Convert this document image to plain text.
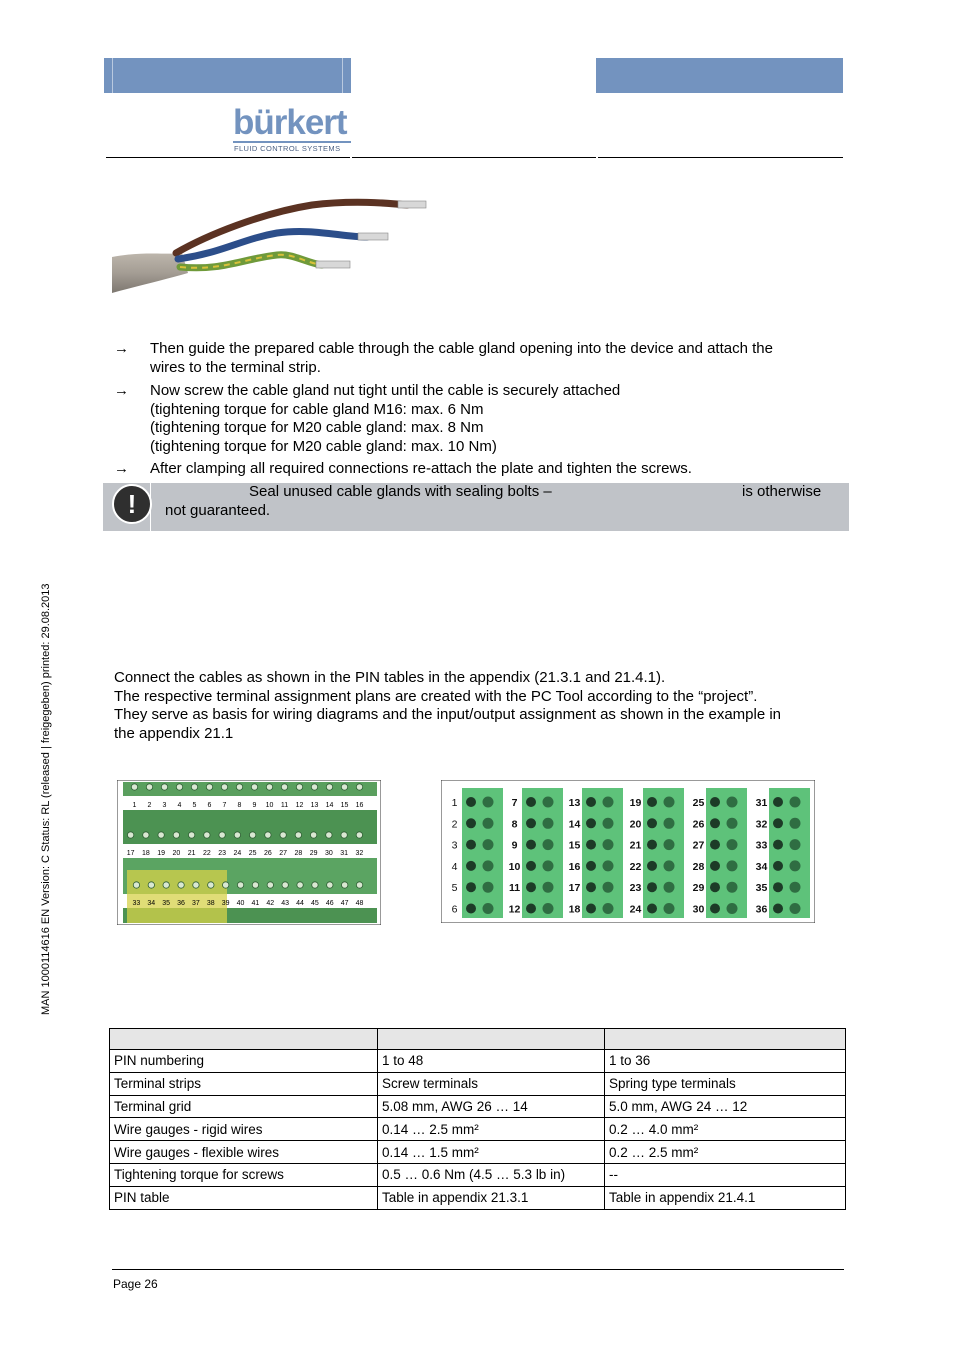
bürkert
FLUID CONTROL SYSTEMS
→ Then guide the prepared cable through the cable gland opening into the device and attach the
wires to the terminal strip.
→ Now screw the cable gland nut tight until the cable is securely attached
(tightening torque for cable gland M16: max. 6 Nm
(tightening torque for M20 cable gland: max. 8 Nm
(tightening torque for M20 cable gland: max. 10 Nm)
→ After clamping all required connections re-attach the plate and tighten the screws.
!	Seal unused cable glands with sealing bolts –	is otherwise
not guaranteed.
Connect the cables as shown in the PIN tables in the appendix (21.3.1 and 21.4.1).
The respective terminal assignment plans are created with the PC Tool according to the “project”.
They serve as basis for wiring diagrams and the input/output assignment as shown in the example in
the appendix 21.1
1 2 3 4 5 6 7 8 9 10 11 12 13 14 15 16
17 18 19 20 21 22 23 24 25 26 27 28 29 30 31 32
33 34 35 36 37 38 39 40 41 42 43 44 45 46 47 48
1
2
3
4
5
6
7
8
9
10
11
12
13
14
15
16
17
18
19
20
21
22
23
24
25
26
27
28
29
30
31
32
33
34
35
36
MAN 1000114616 EN Version: C Status: RL (released | freigegeben) printed: 29.08.2013

PIN numbering	1 to 48	1 to 36
Terminal strips	Screw terminals	Spring type terminals
Terminal grid	5.08 mm, AWG 26 … 14	5.0 mm, AWG 24 … 12
Wire gauges - rigid wires	0.14 … 2.5 mm²	0.2 … 4.0 mm²
Wire gauges - flexible wires	0.14 … 1.5 mm²	0.2 … 2.5 mm²
Tightening torque for screws	0.5 … 0.6 Nm (4.5 … 5.3 lb in)	--
PIN table	Table in appendix 21.3.1	Table in appendix 21.4.1
Page 26
